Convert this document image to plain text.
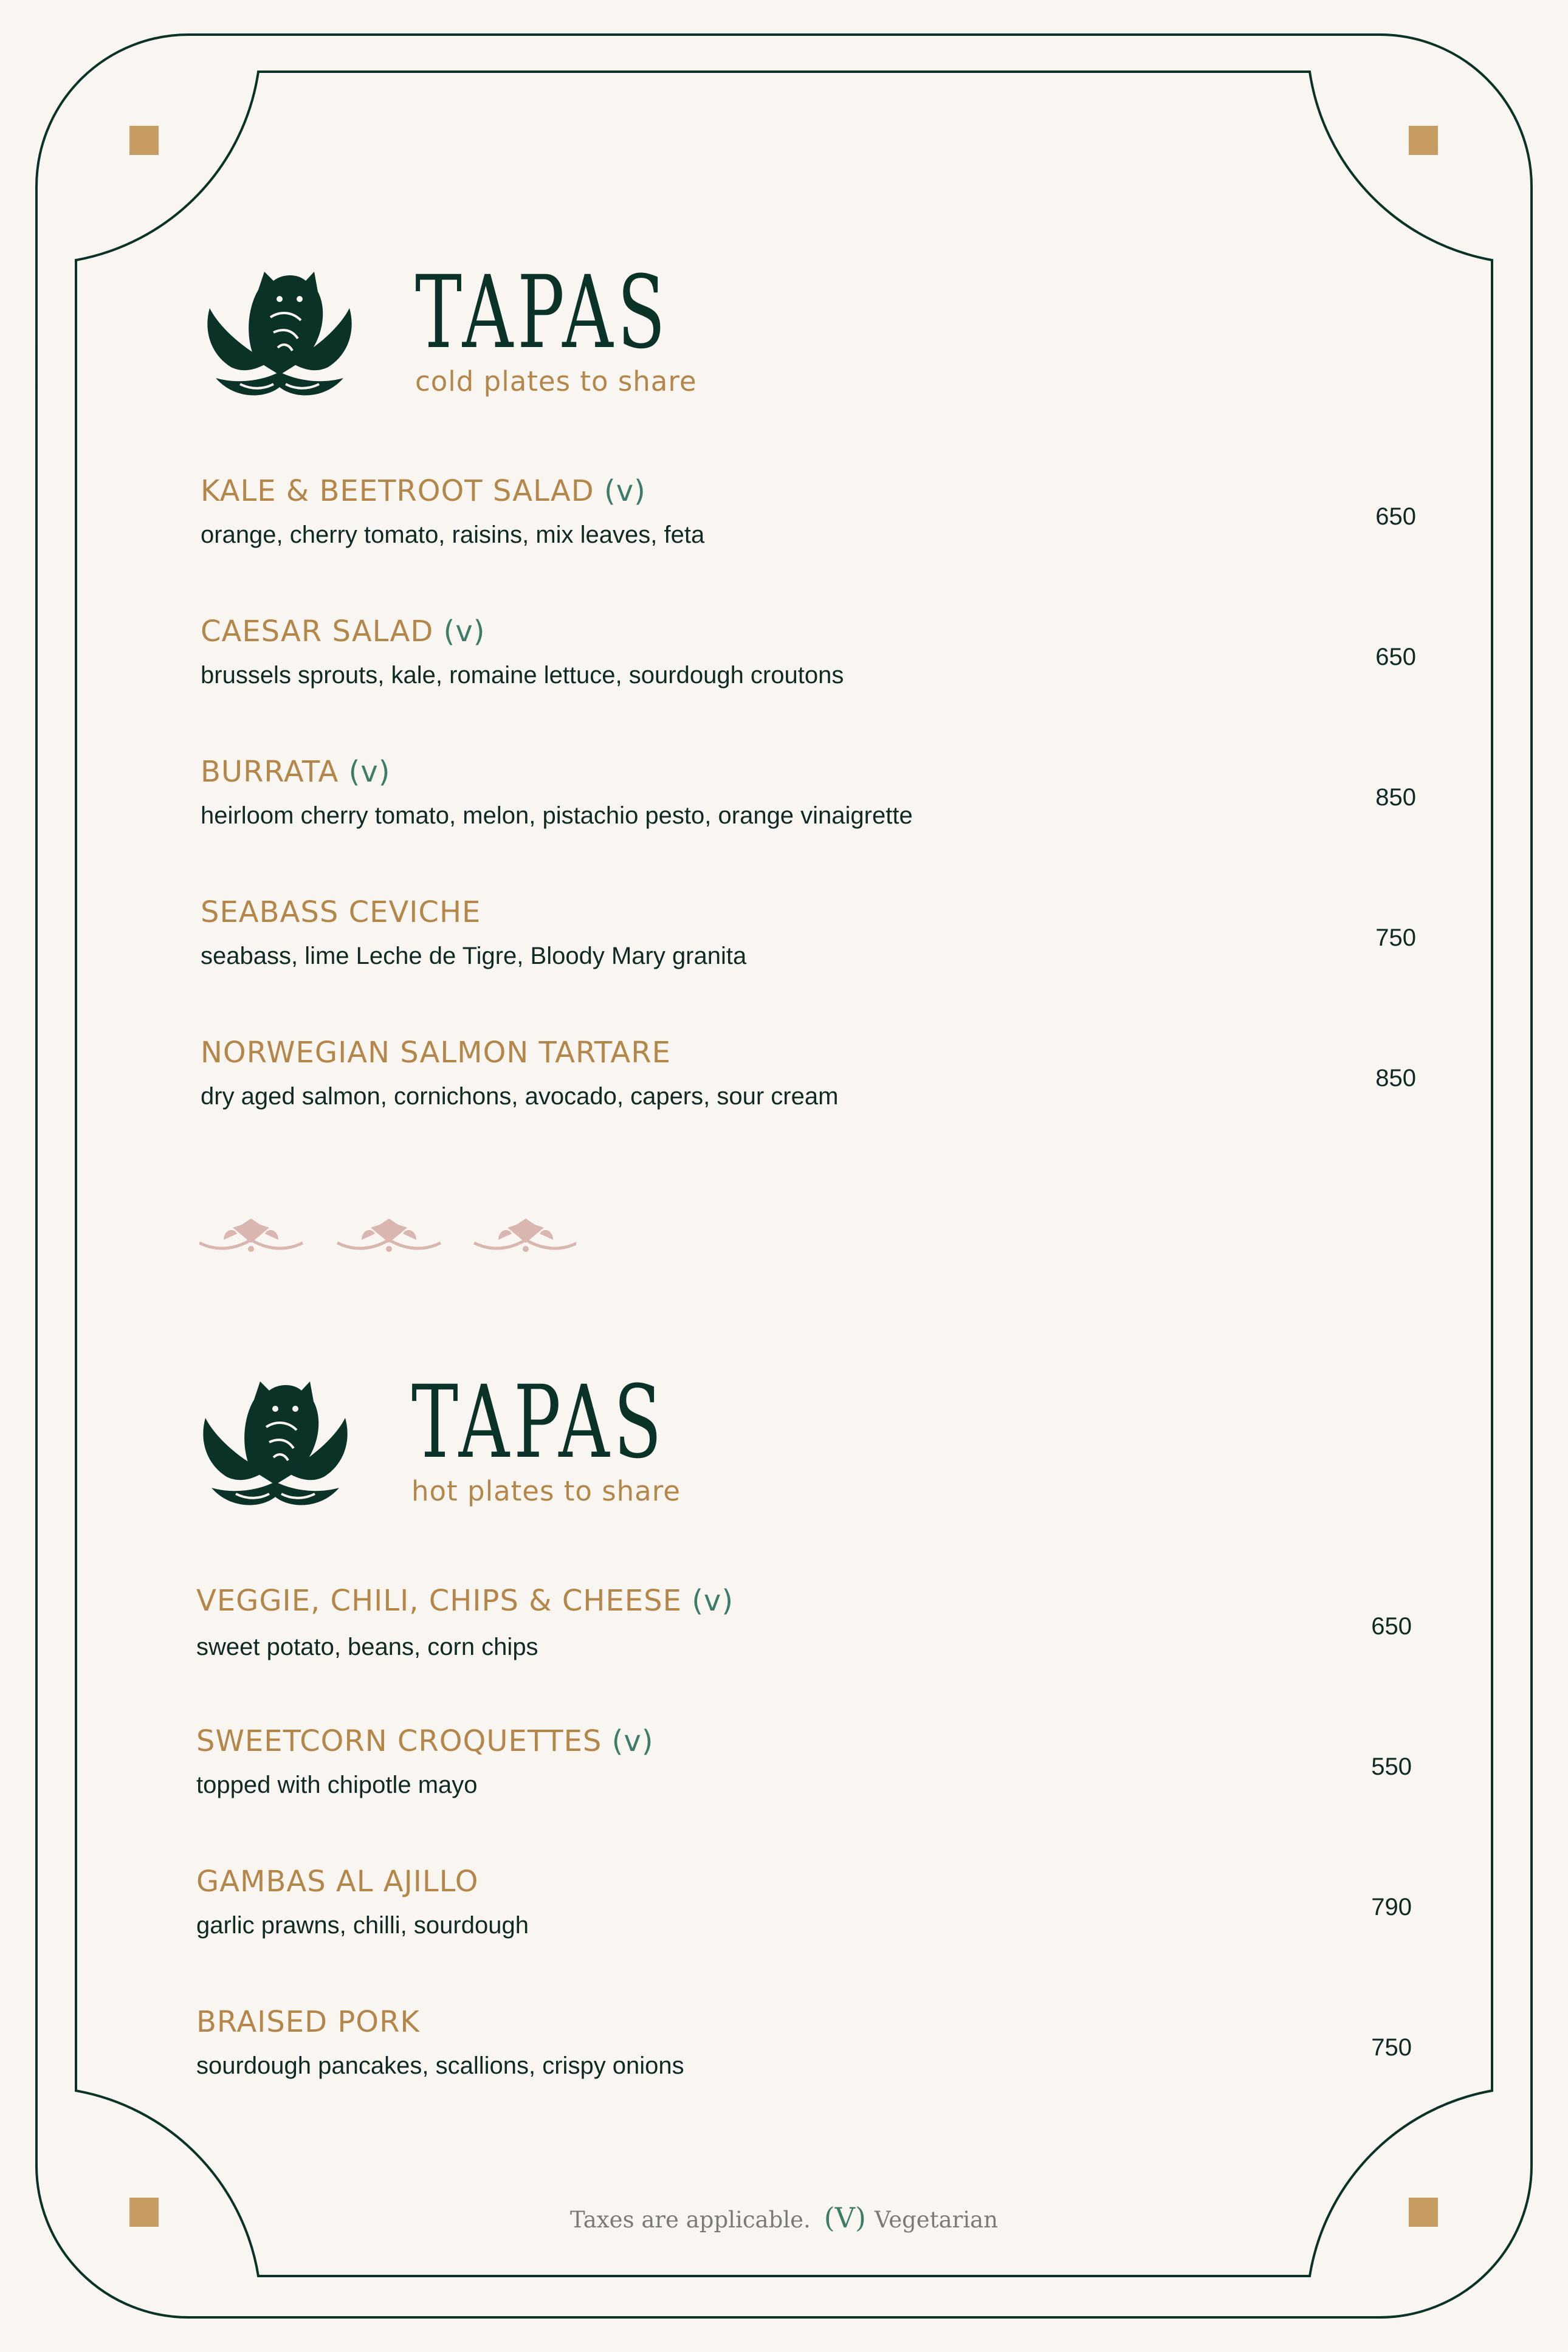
TAPAS
cold plates to share
KALE & BEETROOT SALAD (v)
orange, cherry tomato, raisins, mix leaves, feta
650
CAESAR SALAD (v)
brussels sprouts, kale, romaine lettuce, sourdough croutons
650
BURRATA (v)
heirloom cherry tomato, melon, pistachio pesto, orange vinaigrette
850
SEABASS CEVICHE
seabass, lime Leche de Tigre, Bloody Mary granita
750
NORWEGIAN SALMON TARTARE
dry aged salmon, cornichons, avocado, capers, sour cream
850
TAPAS
hot plates to share
VEGGIE, CHILI, CHIPS & CHEESE (v)
sweet potato, beans, corn chips
650
SWEETCORN CROQUETTES (v)
topped with chipotle mayo
550
GAMBAS AL AJILLO
garlic prawns, chilli, sourdough
790
BRAISED PORK
sourdough pancakes, scallions, crispy onions
750
Taxes are applicable. (V) Vegetarian
